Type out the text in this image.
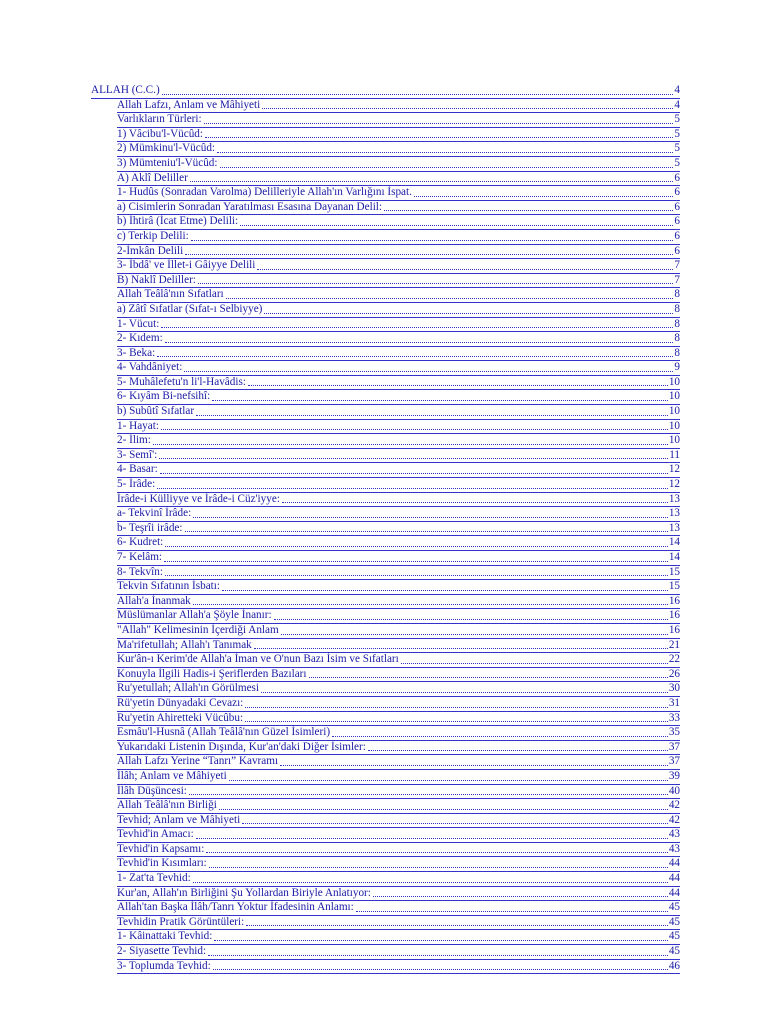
ALLAH (C.C.)	4
Allah Lafzı, Anlam ve Mâhiyeti	4
Varlıkların Türleri:	5
1) Vâcibu'l-Vücûd:	5
2) Mümkinu'l-Vücûd:	5
3) Mümteniu'l-Vücûd:	5
A) Aklî Deliller	6
1- Hudûs (Sonradan Varolma) Delilleriyle Allah'ın Varlığını İspat.	6
a) Cisimlerin Sonradan Yaratılması Esasına Dayanan Delil:	6
b) İhtirâ (İcat Etme) Delili:	6
c) Terkip Delili:	6
2-İmkân Delili	6
3- İbdâ' ve İllet-i Gâiyye Delili	7
B) Naklî Deliller:	7
Allah Teâlâ'nın Sıfatları	8
a) Zâtî Sıfatlar (Sıfat-ı Selbiyye)	8
1- Vücut:	8
2- Kıdem:	8
3- Beka:	8
4- Vahdâniyet:	9
5- Muhâlefetu'n li'l-Havâdis:	10
6- Kıyâm Bi-nefsihî:	10
b) Subûtî Sıfatlar	10
1- Hayat:	10
2- İlim:	10
3- Semî':	11
4- Basar:	12
5- İrâde:	12
İrâde-i Külliyye ve İrâde-i Cüz'iyye:	13
a- Tekvinî İrâde:	13
b- Teşrîi irâde:	13
6- Kudret:	14
7- Kelâm:	14
8- Tekvîn:	15
Tekvin Sıfatının İsbatı:	15
Allah'a İnanmak	16
Müslümanlar Allah'a Şöyle İnanır:	16
"Allah" Kelimesinin İçerdiği Anlam	16
Ma'rifetullah; Allah'ı Tanımak	21
Kur'ân-ı Kerim'de Allah'a İman ve O'nun Bazı İsim ve Sıfatları	22
Konuyla İlgili Hadis-i Şeriflerden Bazıları	26
Ru'yetullah; Allah'ın Görülmesi	30
Rü'yetin Dünyadaki Cevazı:	31
Ru'yetin Ahiretteki Vücûbu:	33
Esmâu'l-Husnâ (Allah Teâlâ'nın Güzel İsimleri)	35
Yukarıdaki Listenin Dışında, Kur'an'daki Diğer İsimler:	37
Allah Lafzı Yerine “Tanrı” Kavramı	37
İlâh; Anlam ve Mâhiyeti	39
İlâh Düşüncesi:	40
Allah Teâlâ'nın Birliği	42
Tevhid; Anlam ve Mâhiyeti	42
Tevhid'in Amacı:	43
Tevhid'in Kapsamı:	43
Tevhid'in Kısımları:	44
1- Zat'ta Tevhid:	44
Kur'an, Allah'ın Birliğini Şu Yollardan Biriyle Anlatıyor:	44
Allah'tan Başka İlâh/Tanrı Yoktur İfadesinin Anlamı:	45
Tevhidin Pratik Görüntüleri:	45
1- Kâinattaki Tevhid:	45
2- Siyasette Tevhid:	45
3- Toplumda Tevhid:	46
